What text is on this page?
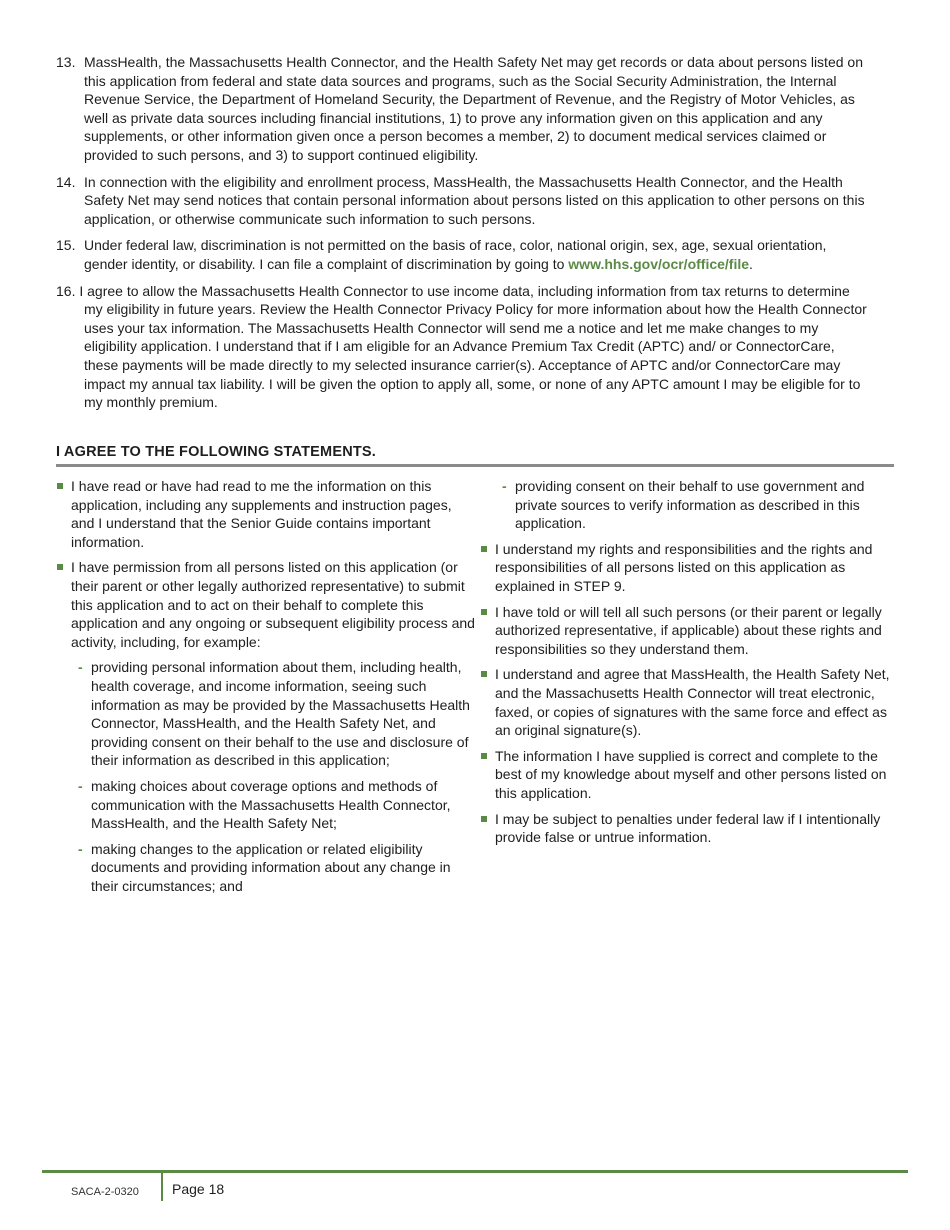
13. MassHealth, the Massachusetts Health Connector, and the Health Safety Net may get records or data about persons listed on this application from federal and state data sources and programs, such as the Social Security Administration, the Internal Revenue Service, the Department of Homeland Security, the Department of Revenue, and the Registry of Motor Vehicles, as well as private data sources including financial institutions, 1) to prove any information given on this application and any supplements, or other information given once a person becomes a member, 2) to document medical services claimed or provided to such persons, and 3) to support continued eligibility.
14. In connection with the eligibility and enrollment process, MassHealth, the Massachusetts Health Connector, and the Health Safety Net may send notices that contain personal information about persons listed on this application to other persons on this application, or otherwise communicate such information to such persons.
15. Under federal law, discrimination is not permitted on the basis of race, color, national origin, sex, age, sexual orientation, gender identity, or disability. I can file a complaint of discrimination by going to www.hhs.gov/ocr/office/file.
16. I agree to allow the Massachusetts Health Connector to use income data, including information from tax returns to determine my eligibility in future years. Review the Health Connector Privacy Policy for more information about how the Health Connector uses your tax information. The Massachusetts Health Connector will send me a notice and let me make changes to my eligibility application. I understand that if I am eligible for an Advance Premium Tax Credit (APTC) and/ or ConnectorCare, these payments will be made directly to my selected insurance carrier(s). Acceptance of APTC and/or ConnectorCare may impact my annual tax liability. I will be given the option to apply all, some, or none of any APTC amount I may be eligible for to my monthly premium.
I AGREE TO THE FOLLOWING STATEMENTS.
I have read or have had read to me the information on this application, including any supplements and instruction pages, and I understand that the Senior Guide contains important information.
I have permission from all persons listed on this application (or their parent or other legally authorized representative) to submit this application and to act on their behalf to complete this application and any ongoing or subsequent eligibility process and activity, including, for example:
- providing personal information about them, including health, health coverage, and income information, seeing such information as may be provided by the Massachusetts Health Connector, MassHealth, and the Health Safety Net, and providing consent on their behalf to the use and disclosure of their information as described in this application;
- making choices about coverage options and methods of communication with the Massachusetts Health Connector, MassHealth, and the Health Safety Net;
- making changes to the application or related eligibility documents and providing information about any change in their circumstances; and
- providing consent on their behalf to use government and private sources to verify information as described in this application.
I understand my rights and responsibilities and the rights and responsibilities of all persons listed on this application as explained in STEP 9.
I have told or will tell all such persons (or their parent or legally authorized representative, if applicable) about these rights and responsibilities so they understand them.
I understand and agree that MassHealth, the Health Safety Net, and the Massachusetts Health Connector will treat electronic, faxed, or copies of signatures with the same force and effect as an original signature(s).
The information I have supplied is correct and complete to the best of my knowledge about myself and other persons listed on this application.
I may be subject to penalties under federal law if I intentionally provide false or untrue information.
SACA-2-0320 Page 18
